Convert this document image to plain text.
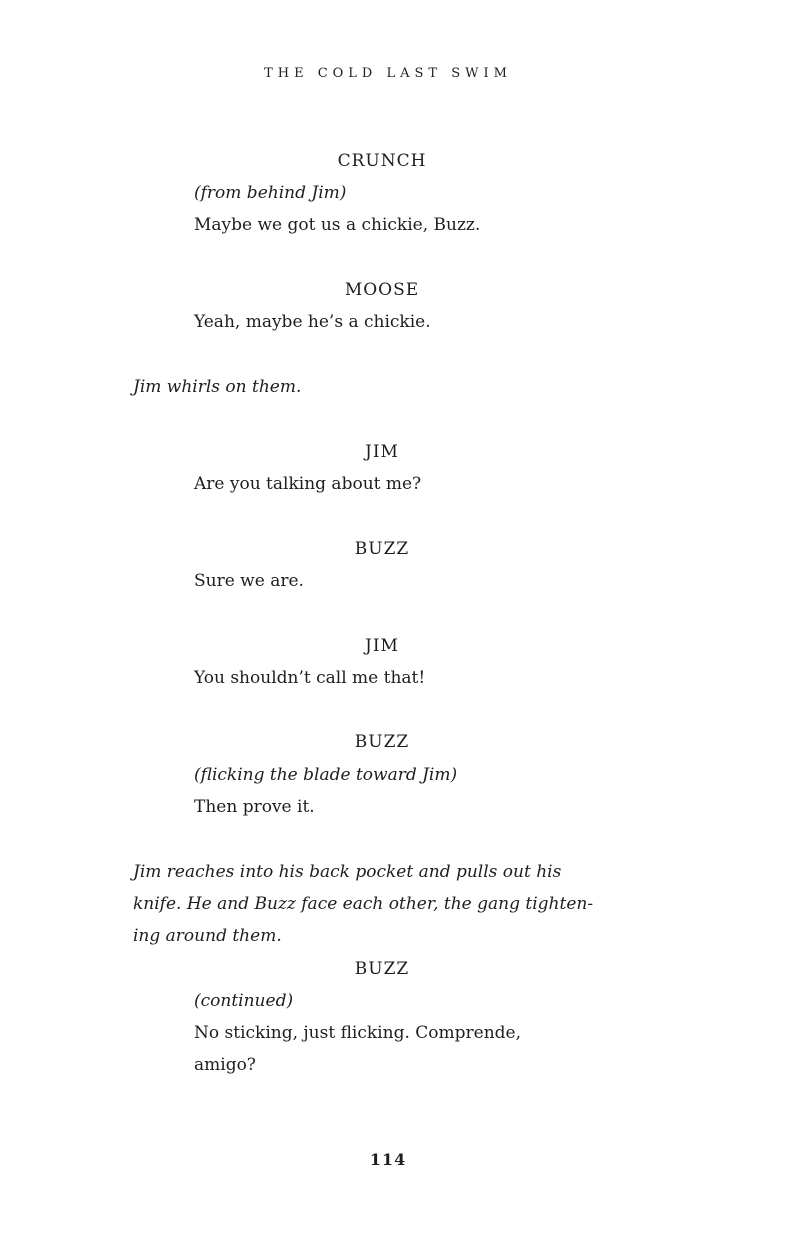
THE COLD LAST SWIM
CRUNCH
(from behind Jim)
Maybe we got us a chickie, Buzz.
MOOSE
Yeah, maybe he’s a chickie.
Jim whirls on them.
JIM
Are you talking about me?
BUZZ
Sure we are.
JIM
You shouldn’t call me that!
BUZZ
(flicking the blade toward Jim)
Then prove it.
Jim reaches into his back pocket and pulls out his
knife. He and Buzz face each other, the gang tighten-
ing around them.
BUZZ
(continued)
No sticking, just flicking. Comprende,
amigo?
114
